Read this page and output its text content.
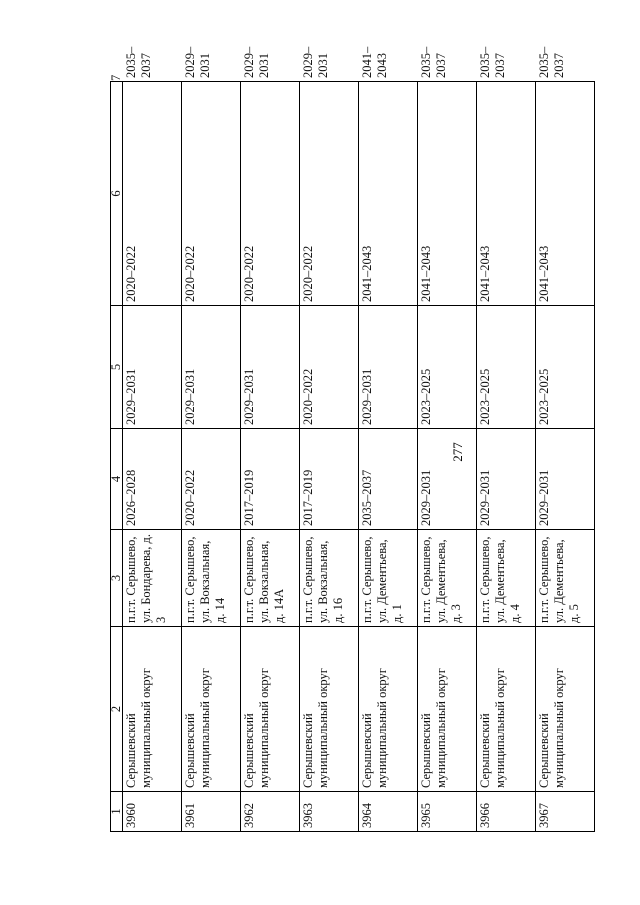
277
1	2	3	4	5	6	7
3960	Серышевский муниципальный округ	п.г.т. Серышево, ул. Бондарева, д. 3	2026–2028	2029–2031	2020–2022	2035–2037
3961	Серышевский муниципальный округ	п.г.т. Серышево, ул. Вокзальная, д. 14	2020–2022	2029–2031	2020–2022	2029–2031
3962	Серышевский муниципальный округ	п.г.т. Серышево, ул. Вокзальная, д. 14А	2017–2019	2029–2031	2020–2022	2029–2031
3963	Серышевский муниципальный округ	п.г.т. Серышево, ул. Вокзальная, д. 16	2017–2019	2020–2022	2020–2022	2029–2031
3964	Серышевский муниципальный округ	п.г.т. Серышево, ул. Дементьева, д. 1	2035–2037	2029–2031	2041–2043	2041–2043
3965	Серышевский муниципальный округ	п.г.т. Серышево, ул. Дементьева, д. 3	2029–2031	2023–2025	2041–2043	2035–2037
3966	Серышевский муниципальный округ	п.г.т. Серышево, ул. Дементьева, д. 4	2029–2031	2023–2025	2041–2043	2035–2037
3967	Серышевский муниципальный округ	п.г.т. Серышево, ул. Дементьева, д. 5	2029–2031	2023–2025	2041–2043	2035–2037
